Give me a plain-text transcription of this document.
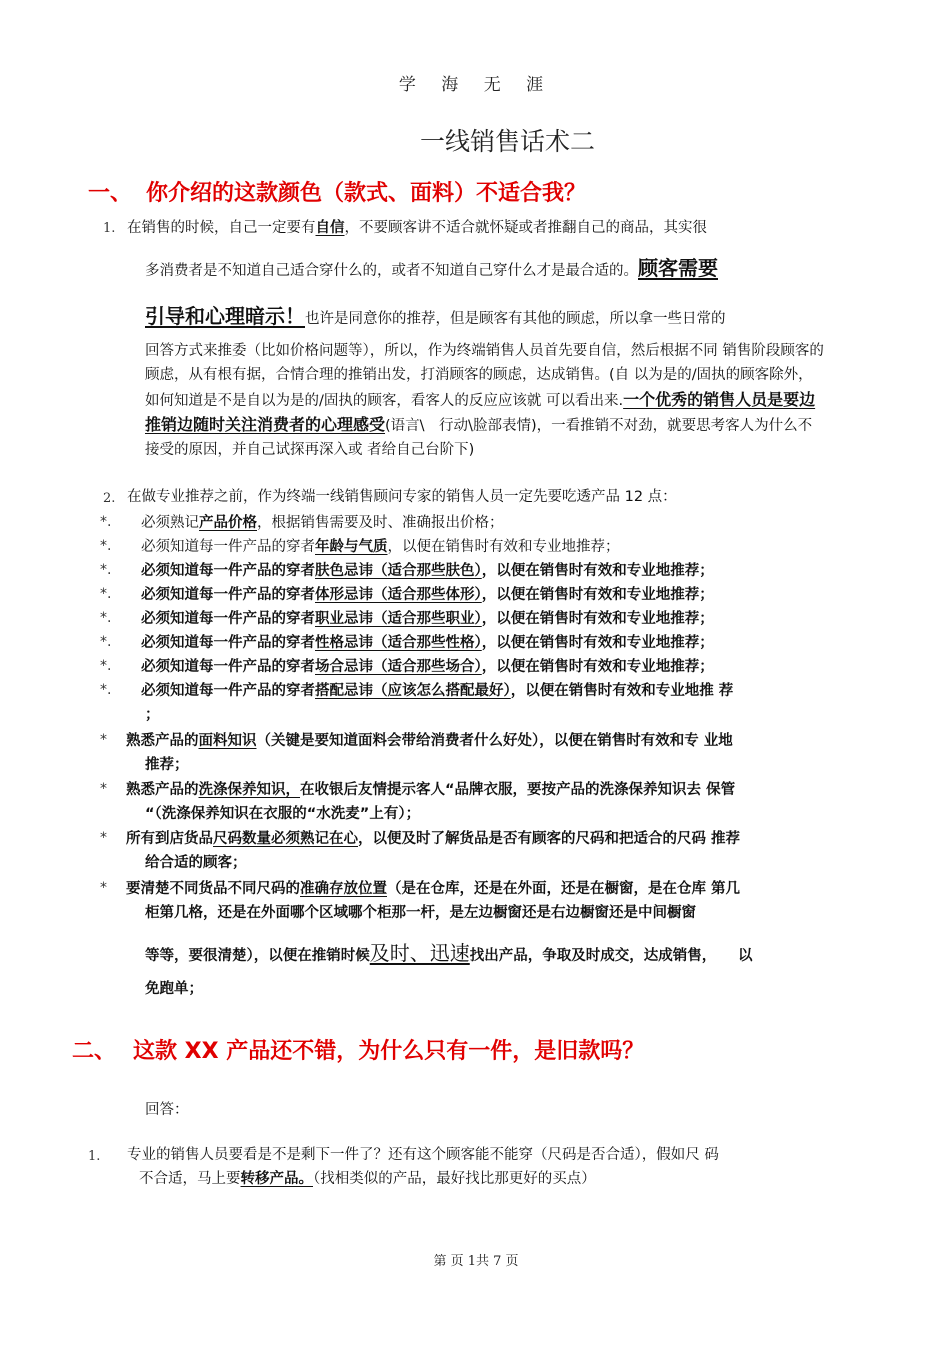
学 海 无 涯
一线销售话术二
一、 你介绍的这款颜色（款式、面料）不适合我？
1. 在销售的时候，自己一定要有自信，不要顾客讲不适合就怀疑或者推翻自己的商品，其实很
多消费者是不知道自己适合穿什么的，或者不知道自己穿什么才是最合适的。顾客需要
引导和心理暗示！也许是同意你的推荐，但是顾客有其他的顾虑，所以拿一些日常的
回答方式来推委（比如价格问题等），所以，作为终端销售人员首先要自信，然后根据不同 销售阶段顾客的顾虑，从有根有据，合情合理的推销出发，打消顾客的顾虑，达成销售。(自 以为是的/固执的顾客除外，如何知道是不是自以为是的/固执的顾客，看客人的反应应该就 可以看出来.一个优秀的销售人员是要边推销边随时关注消费者的心理感受(语言\　行动\脸部表情)，一看推销不对劲，就要思考客人为什么不接受的原因，并自己试探再深入或 者给自己台阶下)
2. 在做专业推荐之前，作为终端一线销售顾问专家的销售人员一定先要吃透产品 12 点：
*. 必须熟记产品价格，根据销售需要及时、准确报出价格；
*. 必须知道每一件产品的穿者年龄与气质，以便在销售时有效和专业地推荐；
*. 必须知道每一件产品的穿者肤色忌讳（适合那些肤色），以便在销售时有效和专业地推荐；
*. 必须知道每一件产品的穿者体形忌讳（适合那些体形），以便在销售时有效和专业地推荐；
*. 必须知道每一件产品的穿者职业忌讳（适合那些职业），以便在销售时有效和专业地推荐；
*. 必须知道每一件产品的穿者性格忌讳（适合那些性格），以便在销售时有效和专业地推荐；
*. 必须知道每一件产品的穿者场合忌讳（适合那些场合），以便在销售时有效和专业地推荐；
*. 必须知道每一件产品的穿者搭配忌讳（应该怎么搭配最好），以便在销售时有效和专业地推 荐
；
* 熟悉产品的面料知识（关键是要知道面料会带给消费者什么好处），以便在销售时有效和专 业地
推荐；
* 熟悉产品的洗涤保养知识，在收银后友情提示客人“品牌衣服，要按产品的洗涤保养知识去 保管
“（洗涤保养知识在衣服的“水洗麦”上有）；
* 所有到店货品尺码数量必须熟记在心，以便及时了解货品是否有顾客的尺码和把适合的尺码 推荐
给合适的顾客；
* 要清楚不同货品不同尺码的准确存放位置（是在仓库，还是在外面，还是在橱窗，是在仓库 第几
柜第几格，还是在外面哪个区域哪个柜那一杆，是左边橱窗还是右边橱窗还是中间橱窗
等等，要很清楚），以便在推销时候及时、迅速找出产品，争取及时成交，达成销售，　　以
免跑单；
二、 这款 XX 产品还不错，为什么只有一件，是旧款吗？
回答：
1. 专业的销售人员要看是不是剩下一件了？还有这个顾客能不能穿（尺码是否合适），假如尺 码
不合适，马上要转移产品。（找相类似的产品，最好找比那更好的买点）
第 页 1共 7 页
